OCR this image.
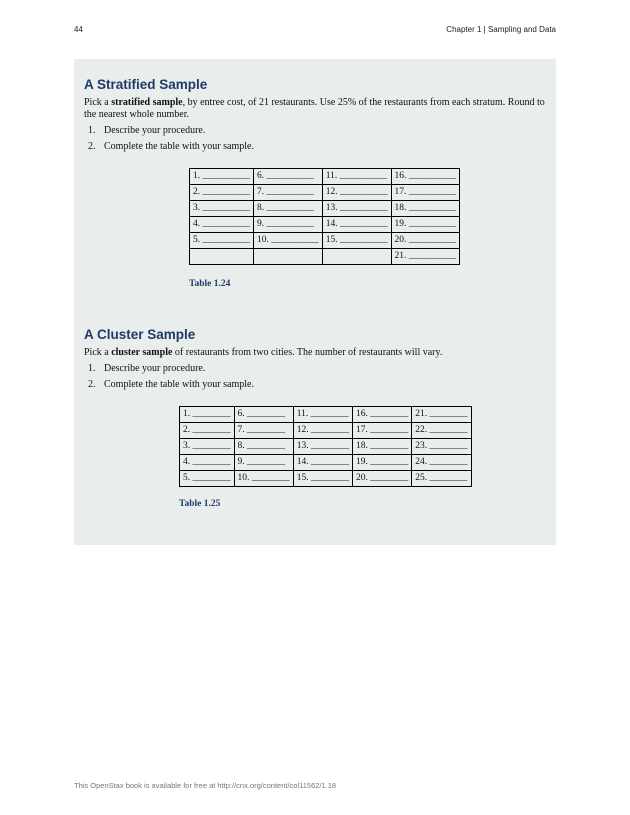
44	Chapter 1 | Sampling and Data
A Stratified Sample
Pick a stratified sample, by entree cost, of 21 restaurants. Use 25% of the restaurants from each stratum. Round to the nearest whole number.
1. Describe your procedure.
2. Complete the table with your sample.
1. __________	6. __________	11. __________	16. __________
2. __________	7. __________	12. __________	17. __________
3. __________	8. __________	13. __________	18. __________
4. __________	9. __________	14. __________	19. __________
5. __________	10. __________	15. __________	20. __________
			21. __________
Table 1.24
A Cluster Sample
Pick a cluster sample of restaurants from two cities. The number of restaurants will vary.
1. Describe your procedure.
2. Complete the table with your sample.
1. ________	6. ________	11. ________	16. ________	21. ________
2. ________	7. ________	12. ________	17. ________	22. ________
3. ________	8. ________	13. ________	18. ________	23. ________
4. ________	9. ________	14. ________	19. ________	24. ________
5. ________	10. ________	15. ________	20. ________	25. ________
Table 1.25
This OpenStax book is available for free at http://cnx.org/content/col11562/1.18
